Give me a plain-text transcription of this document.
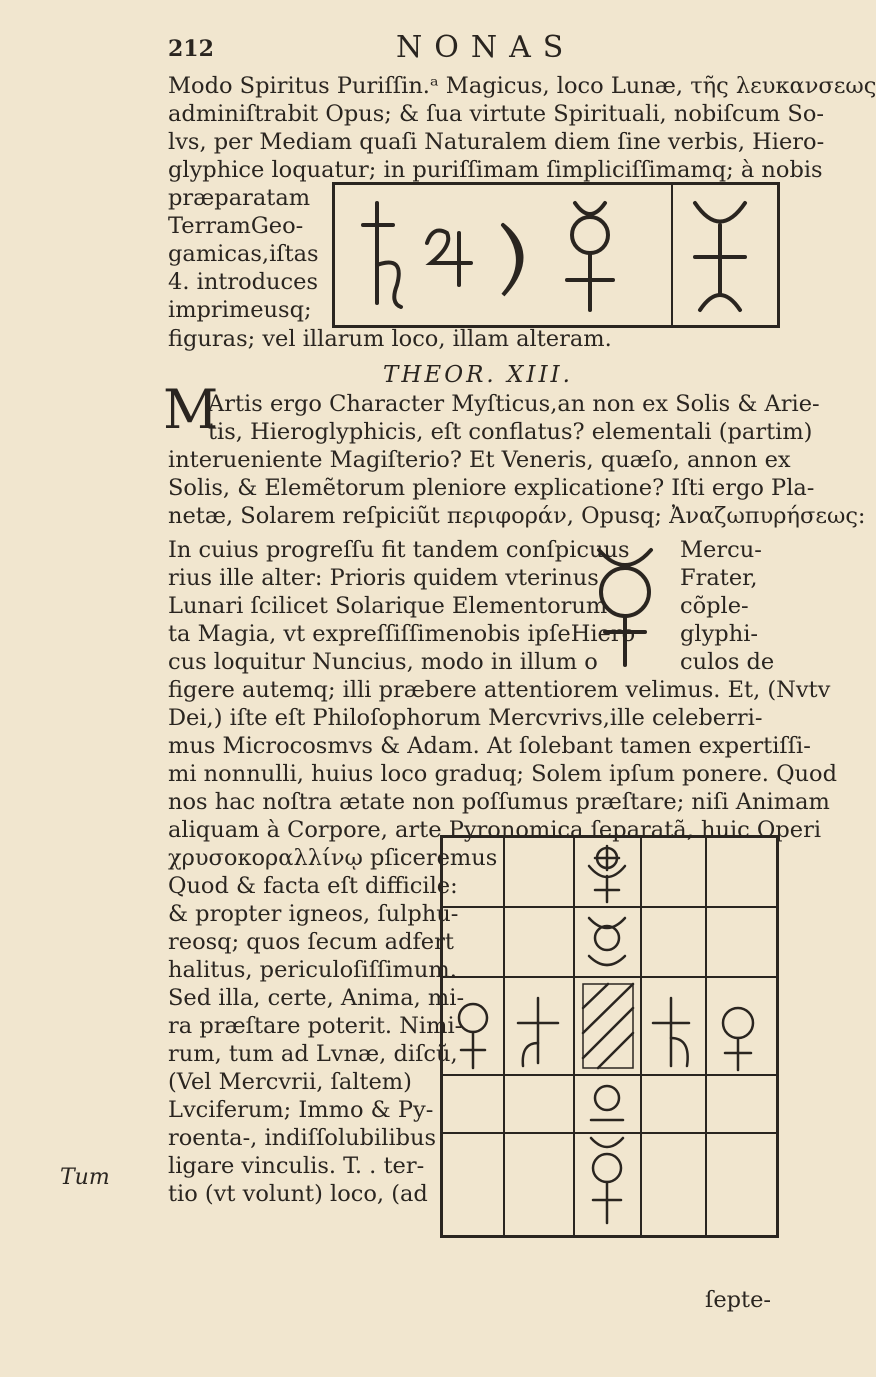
212	NONAS
Modo Spiritus Puriſſin.ᵃ Magicus, loco Lunæ, τῆς λευκανσεως
adminiſtrabit Opus; & ſua virtute Spirituali, nobiſcum So-
lvs, per Mediam quaſi Naturalem diem ſine verbis, Hiero-
glyphice loquatur; in puriſſimam ſimpliciſſimamq; à nobis
præparatam
TerramGeo-
gamicas,iſtas
4. introduces
imprimeusq;
figuras; vel illarum loco, illam alteram.
THEOR. XIII.
M
Artis ergo Character Myſticus,an non ex Solis & Arie-
tis, Hieroglyphicis, eſt conflatus? elementali (partim)
interueniente Magiſterio? Et Veneris, quæſo, annon ex
Solis, & Elemẽtorum pleniore explicatione? Iſti ergo Pla-
netæ, Solarem reſpiciũt περιφοράν, Opusq; Ἀναζωπυρήσεως:
In cuius progreſſu fit tandem conſpicuus
rius ille alter: Prioris quidem vterinus
Lunari ſcilicet Solarique Elementorum
ta Magia, vt expreſſiſſimenobis ipſeHiero
cus loquitur Nuncius, modo in illum o
Mercu-
Frater,
cõple-
glyphi-
culos de
figere autemq; illi præbere attentiorem velimus. Et, (Nvtv
Dei,) iſte eſt Philoſophorum Mercvrivs,ille celeberri-
mus Microcosmvs & Adam. At ſolebant tamen expertiſſi-
mi nonnulli, huius loco graduq; Solem ipſum ponere. Quod
nos hac noſtra ætate non poſſumus præſtare; niſi Animam
aliquam à Corpore, arte Pyronomica ſeparatã, huic Operi
χρυσοκοραλλίνῳ pſiceremus
Quod & facta eſt difficile:
& propter igneos, ſulphu-
reosq; quos ſecum adfert
halitus, periculoſiſſimum.
Sed illa, certe, Anima, mi-
ra præſtare poterit. Nimi-
rum, tum ad Lvnæ, diſcũ,
(Vel Mercvrii, ſaltem)
Lvciferum; Immo & Py-
roenta-, indiſſolubilibus
ligare vinculis. T. . ter-
tio (vt volunt) loco, (ad
Tum
ſepte-
